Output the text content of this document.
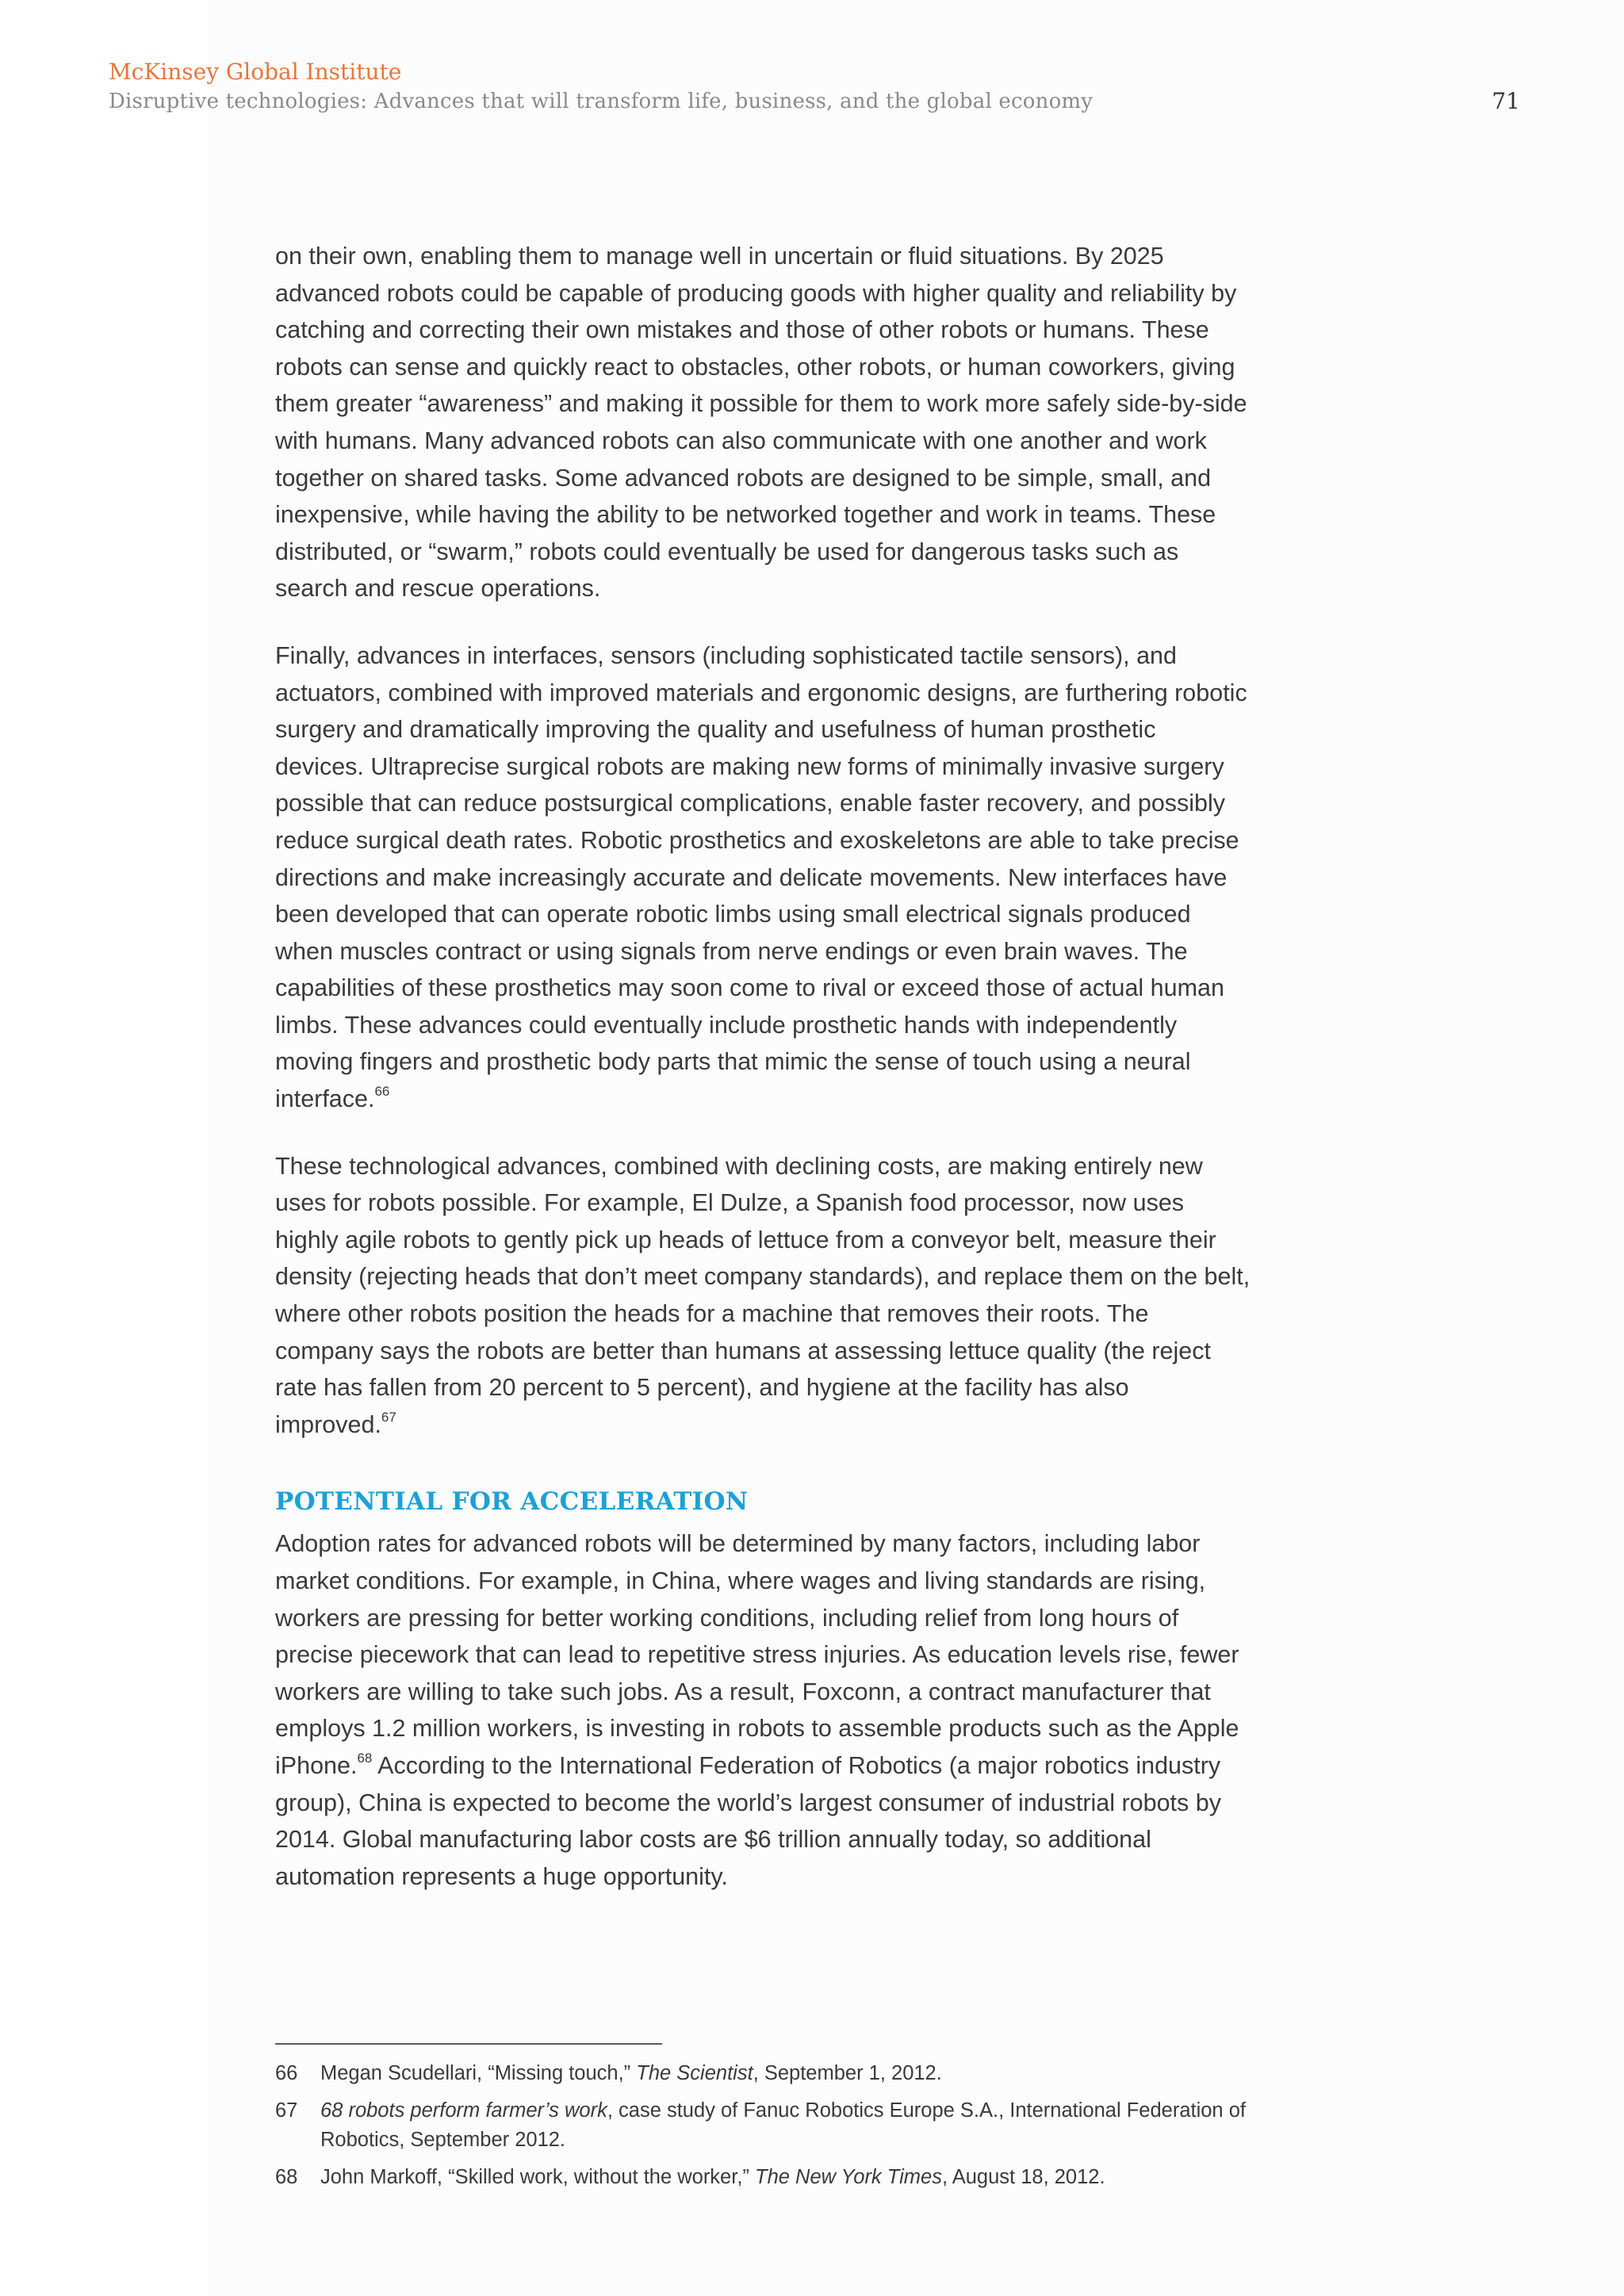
McKinsey Global Institute

Disruptive technologies: Advances that will transform life, business, and the global economy	71

on their own, enabling them to manage well in uncertain or fluid situations. By 2025 advanced robots could be capable of producing goods with higher quality and reliability by catching and correcting their own mistakes and those of other robots or humans. These robots can sense and quickly react to obstacles, other robots, or human coworkers, giving them greater “awareness” and making it possible for them to work more safely side-by-side with humans. Many advanced robots can also communicate with one another and work together on shared tasks. Some advanced robots are designed to be simple, small, and inexpensive, while having the ability to be networked together and work in teams. These distributed, or “swarm,” robots could eventually be used for dangerous tasks such as search and rescue operations.

Finally, advances in interfaces, sensors (including sophisticated tactile sensors), and actuators, combined with improved materials and ergonomic designs, are furthering robotic surgery and dramatically improving the quality and usefulness of human prosthetic devices. Ultraprecise surgical robots are making new forms of minimally invasive surgery possible that can reduce postsurgical complications, enable faster recovery, and possibly reduce surgical death rates. Robotic prosthetics and exoskeletons are able to take precise directions and make increasingly accurate and delicate movements. New interfaces have been developed that can operate robotic limbs using small electrical signals produced when muscles contract or using signals from nerve endings or even brain waves. The capabilities of these prosthetics may soon come to rival or exceed those of actual human limbs. These advances could eventually include prosthetic hands with independently moving fingers and prosthetic body parts that mimic the sense of touch using a neural interface.$^{66}$

These technological advances, combined with declining costs, are making entirely new uses for robots possible. For example, El Dulze, a Spanish food processor, now uses highly agile robots to gently pick up heads of lettuce from a conveyor belt, measure their density (rejecting heads that don’t meet company standards), and replace them on the belt, where other robots position the heads for a machine that removes their roots. The company says the robots are better than humans at assessing lettuce quality (the reject rate has fallen from 20 percent to 5 percent), and hygiene at the facility has also improved.$^{67}$

POTENTIAL FOR ACCELERATION

Adoption rates for advanced robots will be determined by many factors, including labor market conditions. For example, in China, where wages and living standards are rising, workers are pressing for better working conditions, including relief from long hours of precise piecework that can lead to repetitive stress injuries. As education levels rise, fewer workers are willing to take such jobs. As a result, Foxconn, a contract manufacturer that employs 1.2 million workers, is investing in robots to assemble products such as the Apple iPhone.$^{68}$ According to the International Federation of Robotics (a major robotics industry group), China is expected to become the world’s largest consumer of industrial robots by 2014. Global manufacturing labor costs are $6 trillion annually today, so additional automation represents a huge opportunity.

66	Megan Scudellari, “Missing touch,” The Scientist, September 1, 2012.
67	68 robots perform farmer’s work, case study of Fanuc Robotics Europe S.A., International Federation of Robotics, September 2012.
68	John Markoff, “Skilled work, without the worker,” The New York Times, August 18, 2012.
